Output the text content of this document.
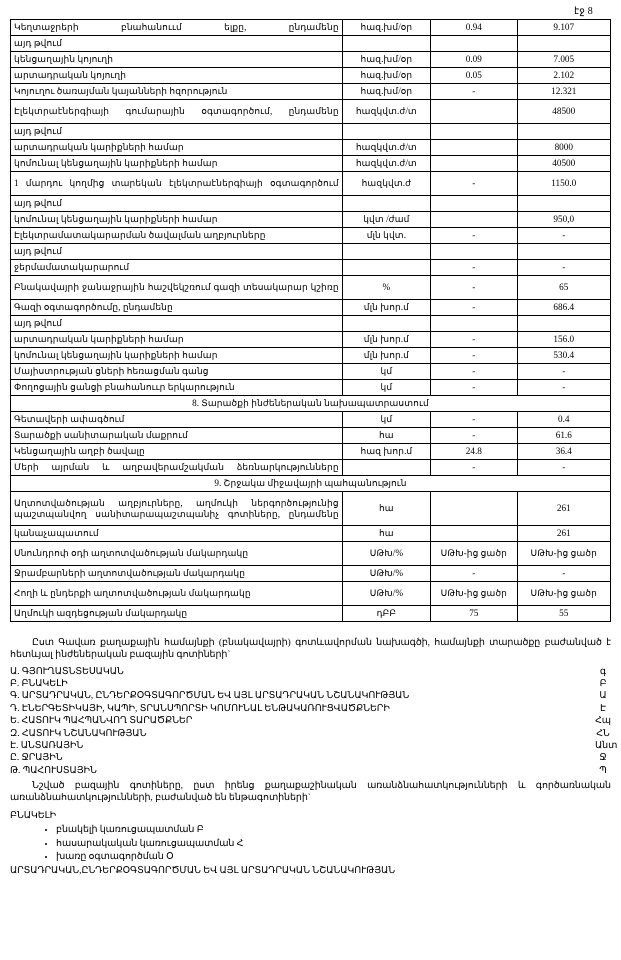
էջ 8
Կեղտաջրերի բնահանոււմ ելքը, ընդամենը	հազ.խմ/օր	0.94	9.107
այդ թվում			
կենցաղային կոյուղի	հազ.խմ/օր	0.09	7.005
արտադրական կոյուղի	հազ.խմ/օր	0.05	2.102
Կոյուղու ծառայման կայանների հզորություն	հազ.խմ/օր	-	12.321
Էլեկտրաէներգիայի գումարային օգտագործում, ընդամենը	հազկվտ.ժ/տ		48500
այդ թվում			
արտադրական կարիքների համար	հազկվտ.ժ/տ		8000
կոմունալ կենցաղային կարիքների համար	հազկվտ.ժ/տ		40500
1 մարդու կողմից տարեկան էլեկտրաէներգիայի օգտագործում	հազկվտ.ժ	-	1150.0
այդ թվում			
կոմունալ կենցաղային կարիքների համար	կվտ /ժամ		950,0
Էլեկտրամատակարարման ծավալման աղբյուրները	մլն կվտ.	-	-
այդ թվում			
ջերմամատակարարում		-	-
Բնակավայրի ջանաջրային հաշվեկշռում գազի տեսակարար կշիռը	%	-	65
Գազի օգտագործումը, ընդամենը	մլն խոր.մ	-	686.4
այդ թվում			
արտադրական կարիքների համար	մլն խոր.մ	-	156.0
կոմունալ կենցաղային կարիքների համար	մլն խոր.մ	-	530.4
Մայիստրության ցների հեռացման գանց	կմ	-	-
Փողոցային ցանցի բնահանոււր երկարություն	կմ	-	-
8. Տարածքի ինժեներական նախապատրաստում			
Գետավերի ափագծում	կմ	-	0.4
Տարածքի սանիտարական մաքրում	հա	-	61.6
Կենցաղային աղբի ծավալը	հազ խոր.մ	24.8	36.4
Մերի այրման և աղբավերամշակման ձեռնարկությունները		-	-
9. Շրջակա միջավայրի պահպանություն			
Աղտոտվածության աղբյուրները, աղմուկի ներգործությունից պաշտպանվող սանիտարապաշտպանիչ գոտիները, ընդամենը	հա		261
կանաչապատում	հա		261
Սնունդրոփ օդի աղտոտվածության մակարդակը	ՍԹԽ/%	ՍԹԽ-ից ցածր	ՍԹԽ-ից ցածր
Ջրամբարների աղտոտվածության մակարդակը	ՍԹԽ/%	-	-
Հողի և ընդերքի աղտոտվածության մակարդակը	ՍԹԽ/%	ՍԹԽ-ից ցածր	ՍԹԽ-ից ցածր
Աղմուկի ազդեցության մակարդակը	դԲԲ	75	55

Ըստ Գավառ քաղաքային համայնքի (բնակավայրի) գոտևավորման նախագծի, համայնքի տարածքը բաժանված է հետևյալ ինժեներական բազային գոտիների`

Ա. ԳՅՈՒՂԱՏՆՏԵՍԱԿԱՆ	գ
Բ. ԲՆԱԿԵԼԻ	Բ
Գ. ԱՐՏԱԴՐԱԿԱՆ, ԸՆԴԵՐՔՕԳՏԱԳՈՐԾՄԱՆ ԵՎ ԱՅԼ ԱՐՏԱԴՐԱԿԱՆ ՆՇԱՆԱԿՈՒԹՅԱՆ	Ա
Դ. ԷՆԵՐԳԵՏԻԿԱՅԻ, ԿԱՊԻ, ՏՐԱՆՍՊՈՐՏԻ ԿՈՄՈՒՆԱԼ ԵՆԹԱԿԱՌՈՒՑՎԱԾՔՆԵՐԻ	Է
Ե. ՀԱՏՈՒԿ ՊԱՀՊԱՆՎՈՂ ՏԱՐԱԾՔՆԵՐ	Հպ
Զ. ՀԱՏՈՒԿ ՆՇԱՆԱԿՈՒԹՅԱՆ	ՀՆ
Է. ԱՆՏԱՌԱՅԻՆ	Անտ
Ը. ՋՐԱՅԻՆ	Ջ
Թ. ՊԱՀՈՒՍՏԱՅԻՆ	Պ

Նշված բազային գոտիները, ըստ իրենց քաղաքաշինական առանձնահատկությունների և գործառնական առանձնահատկությունների, բաժանված են ենթագոտիների`

ԲՆԱԿԵԼԻ
• բնակելի կառուցապատման Բ
• հասարակական կառուցապատման Հ
• խառը օգտագործման Օ
ԱՐՏԱԴՐԱԿԱՆ,ԸՆԴԵՐՔՕԳՏԱԳՈՐԾՄԱՆ ԵՎ ԱՅԼ ԱՐՏԱԴՐԱԿԱՆ ՆՇԱՆԱԿՈՒԹՅԱՆ
